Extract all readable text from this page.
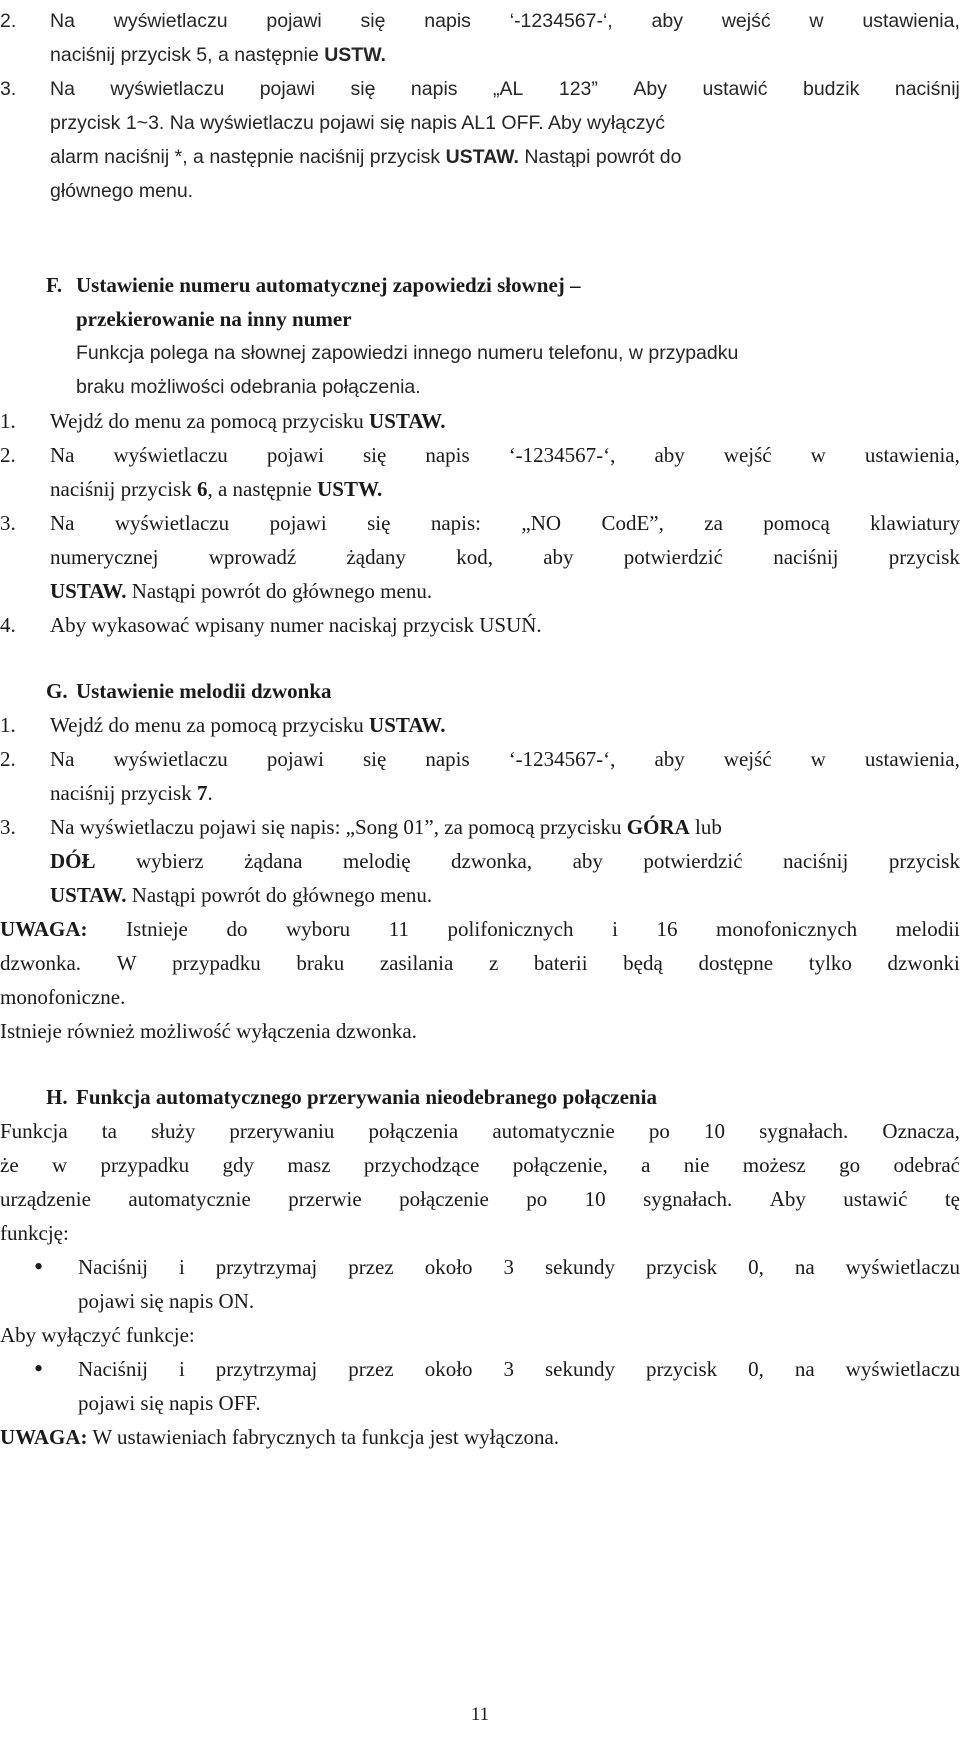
2.	Na wyświetlaczu pojawi się napis ‘-1234567-‘, aby wejść w ustawienia,
naciśnij przycisk 5, a następnie USTW.
3.	Na wyświetlaczu pojawi się napis „AL 123” Aby ustawić budzik naciśnij
przycisk 1~3. Na wyświetlaczu pojawi się napis AL1 OFF. Aby wyłączyć
alarm naciśnij *, a następnie naciśnij przycisk USTAW. Nastąpi powrót do
głównego menu.
F. Ustawienie numeru automatycznej zapowiedzi słownej –
przekierowanie na inny numer
Funkcja polega na słownej zapowiedzi innego numeru telefonu, w przypadku
braku możliwości odebrania połączenia.
1.	Wejdź do menu za pomocą przycisku USTAW.
2.	Na wyświetlaczu pojawi się napis ‘-1234567-‘, aby wejść w ustawienia,
naciśnij przycisk 6, a następnie USTW.
3.	Na wyświetlaczu pojawi się napis: „NO CodE”, za pomocą klawiatury
numerycznej wprowadź żądany kod, aby potwierdzić naciśnij przycisk
USTAW. Nastąpi powrót do głównego menu.
4.	Aby wykasować wpisany numer naciskaj przycisk USUŃ.
G. Ustawienie melodii dzwonka
1.	Wejdź do menu za pomocą przycisku USTAW.
2.	Na wyświetlaczu pojawi się napis ‘-1234567-‘, aby wejść w ustawienia,
naciśnij przycisk 7.
3.	Na wyświetlaczu pojawi się napis: „Song 01”, za pomocą przycisku GÓRA lub
DÓŁ wybierz żądana melodię dzwonka, aby potwierdzić naciśnij przycisk
USTAW. Nastąpi powrót do głównego menu.
UWAGA: Istnieje do wyboru 11 polifonicznych i 16 monofonicznych melodii
dzwonka. W przypadku braku zasilania z baterii będą dostępne tylko dzwonki
monofoniczne.
Istnieje również możliwość wyłączenia dzwonka.
H. Funkcja automatycznego przerywania nieodebranego połączenia
Funkcja ta służy przerywaniu połączenia automatycznie po 10 sygnałach. Oznacza,
że w przypadku gdy masz przychodzące połączenie, a nie możesz go odebrać
urządzenie automatycznie przerwie połączenie po 10 sygnałach. Aby ustawić tę
funkcję:
•	Naciśnij i przytrzymaj przez około 3 sekundy przycisk 0, na wyświetlaczu
pojawi się napis ON.
Aby wyłączyć funkcje:
•	Naciśnij i przytrzymaj przez około 3 sekundy przycisk 0, na wyświetlaczu
pojawi się napis OFF.
UWAGA: W ustawieniach fabrycznych ta funkcja jest wyłączona.
11
